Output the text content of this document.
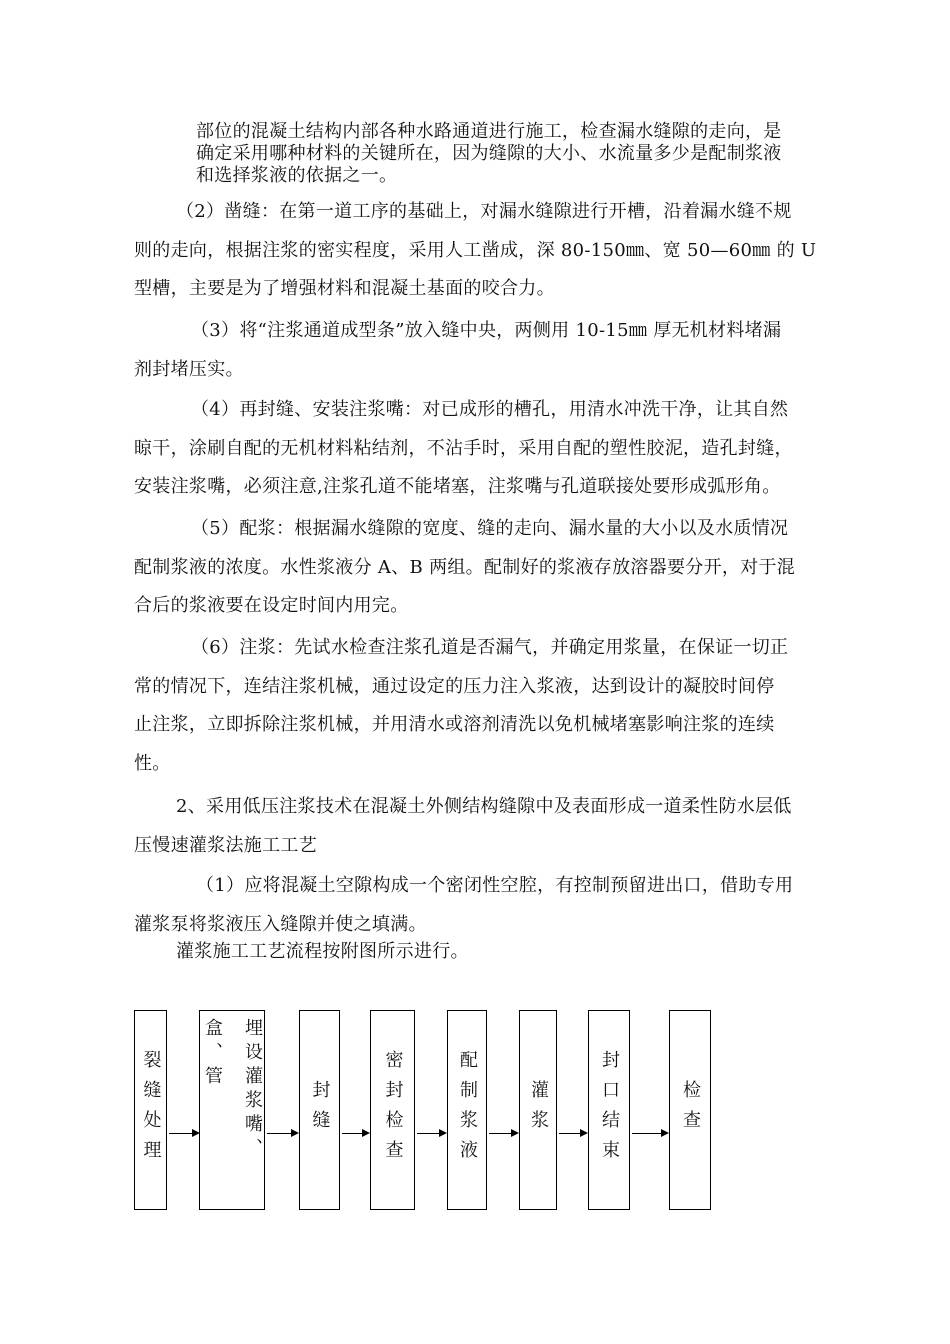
部位的混凝土结构内部各种水路通道进行施工，检查漏水缝隙的走向，是
确定采用哪种材料的关键所在，因为缝隙的大小、水流量多少是配制浆液
和选择浆液的依据之一。
（2）凿缝：在第一道工序的基础上，对漏水缝隙进行开槽，沿着漏水缝不规
则的走向，根据注浆的密实程度，采用人工凿成，深 80-150㎜、宽 50—60㎜ 的 U
型槽，主要是为了增强材料和混凝土基面的咬合力。
（3）将“注浆通道成型条”放入缝中央，两侧用 10-15㎜ 厚无机材料堵漏
剂封堵压实。
（4）再封缝、安装注浆嘴：对已成形的槽孔，用清水冲洗干净，让其自然
晾干，涂刷自配的无机材料粘结剂，不沾手时，采用自配的塑性胶泥，造孔封缝，
安装注浆嘴，必须注意,注浆孔道不能堵塞，注浆嘴与孔道联接处要形成弧形角。
（5）配浆：根据漏水缝隙的宽度、缝的走向、漏水量的大小以及水质情况
配制浆液的浓度。水性浆液分 A、B 两组。配制好的浆液存放溶器要分开，对于混
合后的浆液要在设定时间内用完。
（6）注浆：先试水检查注浆孔道是否漏气，并确定用浆量，在保证一切正
常的情况下，连结注浆机械，通过设定的压力注入浆液，达到设计的凝胶时间停
止注浆，立即拆除注浆机械，并用清水或溶剂清洗以免机械堵塞影响注浆的连续
性。
2、采用低压注浆技术在混凝土外侧结构缝隙中及表面形成一道柔性防水层低
压慢速灌浆法施工工艺
（1）应将混凝土空隙构成一个密闭性空腔，有控制预留进出口，借助专用
灌浆泵将浆液压入缝隙并使之填满。
灌浆施工工艺流程按附图所示进行。
裂缝处理	埋设灌浆嘴、盒、管
封缝	密封检查	配制浆液	灌浆	封口结束	检查
